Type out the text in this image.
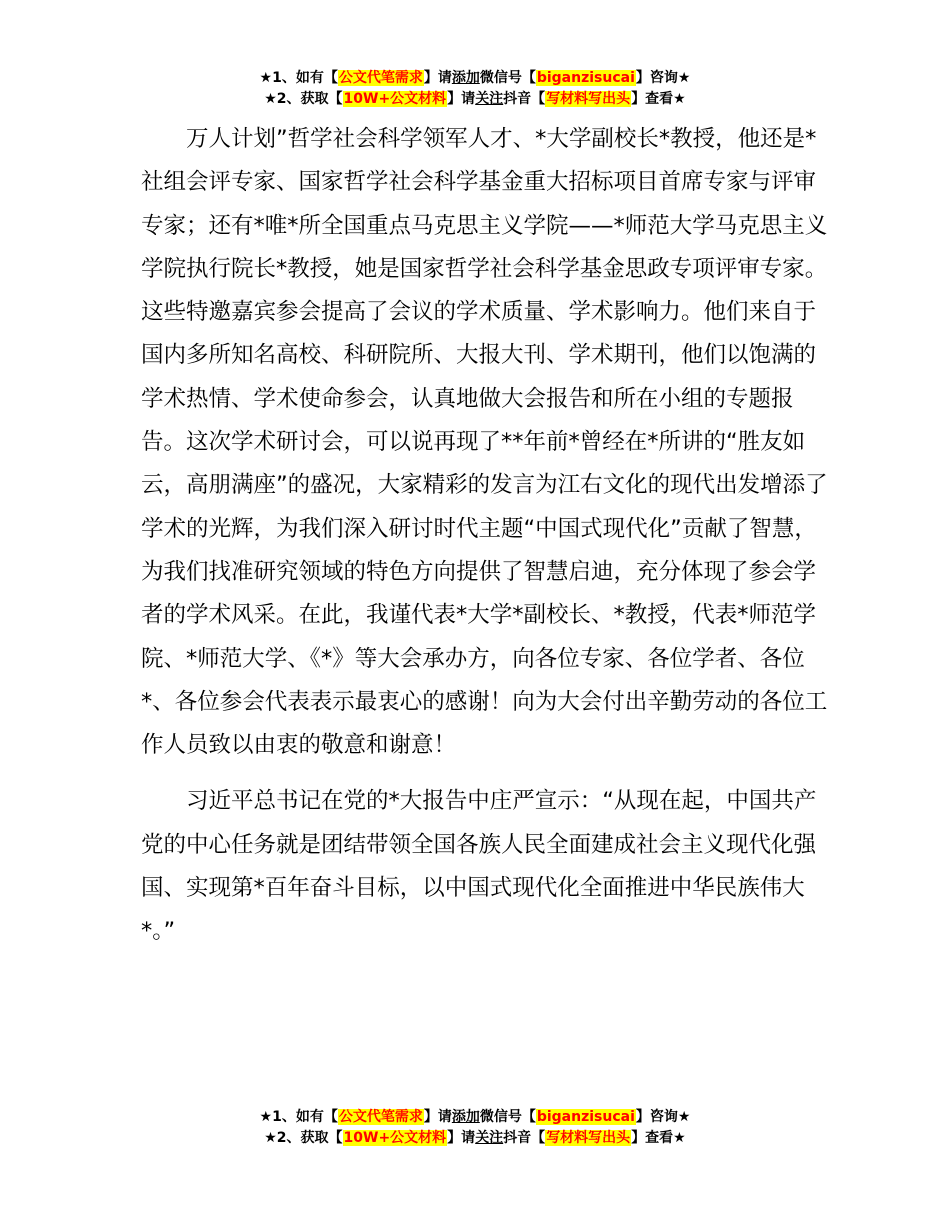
★1、如有【公文代笔需求】请添加微信号【biganzisucai】咨询★
★2、获取【10W+公文材料】请关注抖音【写材料写出头】查看★

万人计划”哲学社会科学领军人才、*大学副校长*教授，他还是*社组会评专家、国家哲学社会科学基金重大招标项目首席专家与评审专家；还有*唯*所全国重点马克思主义学院——*师范大学马克思主义学院执行院长*教授，她是国家哲学社会科学基金思政专项评审专家。这些特邀嘉宾参会提高了会议的学术质量、学术影响力。他们来自于国内多所知名高校、科研院所、大报大刊、学术期刊，他们以饱满的学术热情、学术使命参会，认真地做大会报告和所在小组的专题报告。这次学术研讨会，可以说再现了**年前*曾经在*所讲的“胜友如云，高朋满座”的盛况，大家精彩的发言为江右文化的现代出发增添了学术的光辉，为我们深入研讨时代主题“中国式现代化”贡献了智慧，为我们找准研究领域的特色方向提供了智慧启迪，充分体现了参会学者的学术风采。在此，我谨代表*大学*副校长、*教授，代表*师范学院、*师范大学、《*》等大会承办方，向各位专家、各位学者、各位*、各位参会代表表示最衷心的感谢！向为大会付出辛勤劳动的各位工作人员致以由衷的敬意和谢意！

习近平总书记在党的*大报告中庄严宣示：“从现在起，中国共产党的中心任务就是团结带领全国各族人民全面建成社会主义现代化强国、实现第*百年奋斗目标，以中国式现代化全面推进中华民族伟大*。”

★1、如有【公文代笔需求】请添加微信号【biganzisucai】咨询★
★2、获取【10W+公文材料】请关注抖音【写材料写出头】查看★
